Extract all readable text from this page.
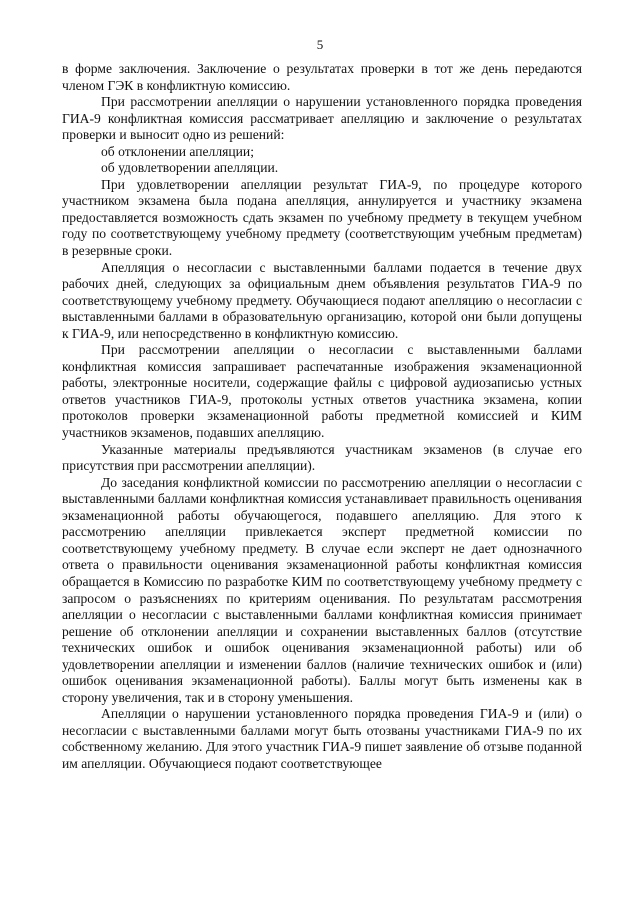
5

в форме заключения. Заключение о результатах проверки в тот же день передаются членом ГЭК в конфликтную комиссию.

При рассмотрении апелляции о нарушении установленного порядка проведения ГИА-9 конфликтная комиссия рассматривает апелляцию и заключение о результатах проверки и выносит одно из решений:

об отклонении апелляции;

об удовлетворении апелляции.

При удовлетворении апелляции результат ГИА-9, по процедуре которого участником экзамена была подана апелляция, аннулируется и участнику экзамена предоставляется возможность сдать экзамен по учебному предмету в текущем учебном году по соответствующему учебному предмету (соответствующим учебным предметам) в резервные сроки.

Апелляция о несогласии с выставленными баллами подается в течение двух рабочих дней, следующих за официальным днем объявления результатов ГИА-9 по соответствующему учебному предмету. Обучающиеся подают апелляцию о несогласии с выставленными баллами в образовательную организацию, которой они были допущены к ГИА-9, или непосредственно в конфликтную комиссию.

При рассмотрении апелляции о несогласии с выставленными баллами конфликтная комиссия запрашивает распечатанные изображения экзаменационной работы, электронные носители, содержащие файлы с цифровой аудиозаписью устных ответов участников ГИА-9, протоколы устных ответов участника экзамена, копии протоколов проверки экзаменационной работы предметной комиссией и КИМ участников экзаменов, подавших апелляцию.

Указанные материалы предъявляются участникам экзаменов (в случае его присутствия при рассмотрении апелляции).

До заседания конфликтной комиссии по рассмотрению апелляции о несогласии с выставленными баллами конфликтная комиссия устанавливает правильность оценивания экзаменационной работы обучающегося, подавшего апелляцию. Для этого к рассмотрению апелляции привлекается эксперт предметной комиссии по соответствующему учебному предмету. В случае если эксперт не дает однозначного ответа о правильности оценивания экзаменационной работы конфликтная комиссия обращается в Комиссию по разработке КИМ по соответствующему учебному предмету с запросом о разъяснениях по критериям оценивания. По результатам рассмотрения апелляции о несогласии с выставленными баллами конфликтная комиссия принимает решение об отклонении апелляции и сохранении выставленных баллов (отсутствие технических ошибок и ошибок оценивания экзаменационной работы) или об удовлетворении апелляции и изменении баллов (наличие технических ошибок и (или) ошибок оценивания экзаменационной работы). Баллы могут быть изменены как в сторону увеличения, так и в сторону уменьшения.

Апелляции о нарушении установленного порядка проведения ГИА-9 и (или) о несогласии с выставленными баллами могут быть отозваны участниками ГИА-9 по их собственному желанию. Для этого участник ГИА-9 пишет заявление об отзыве поданной им апелляции. Обучающиеся подают соответствующее
